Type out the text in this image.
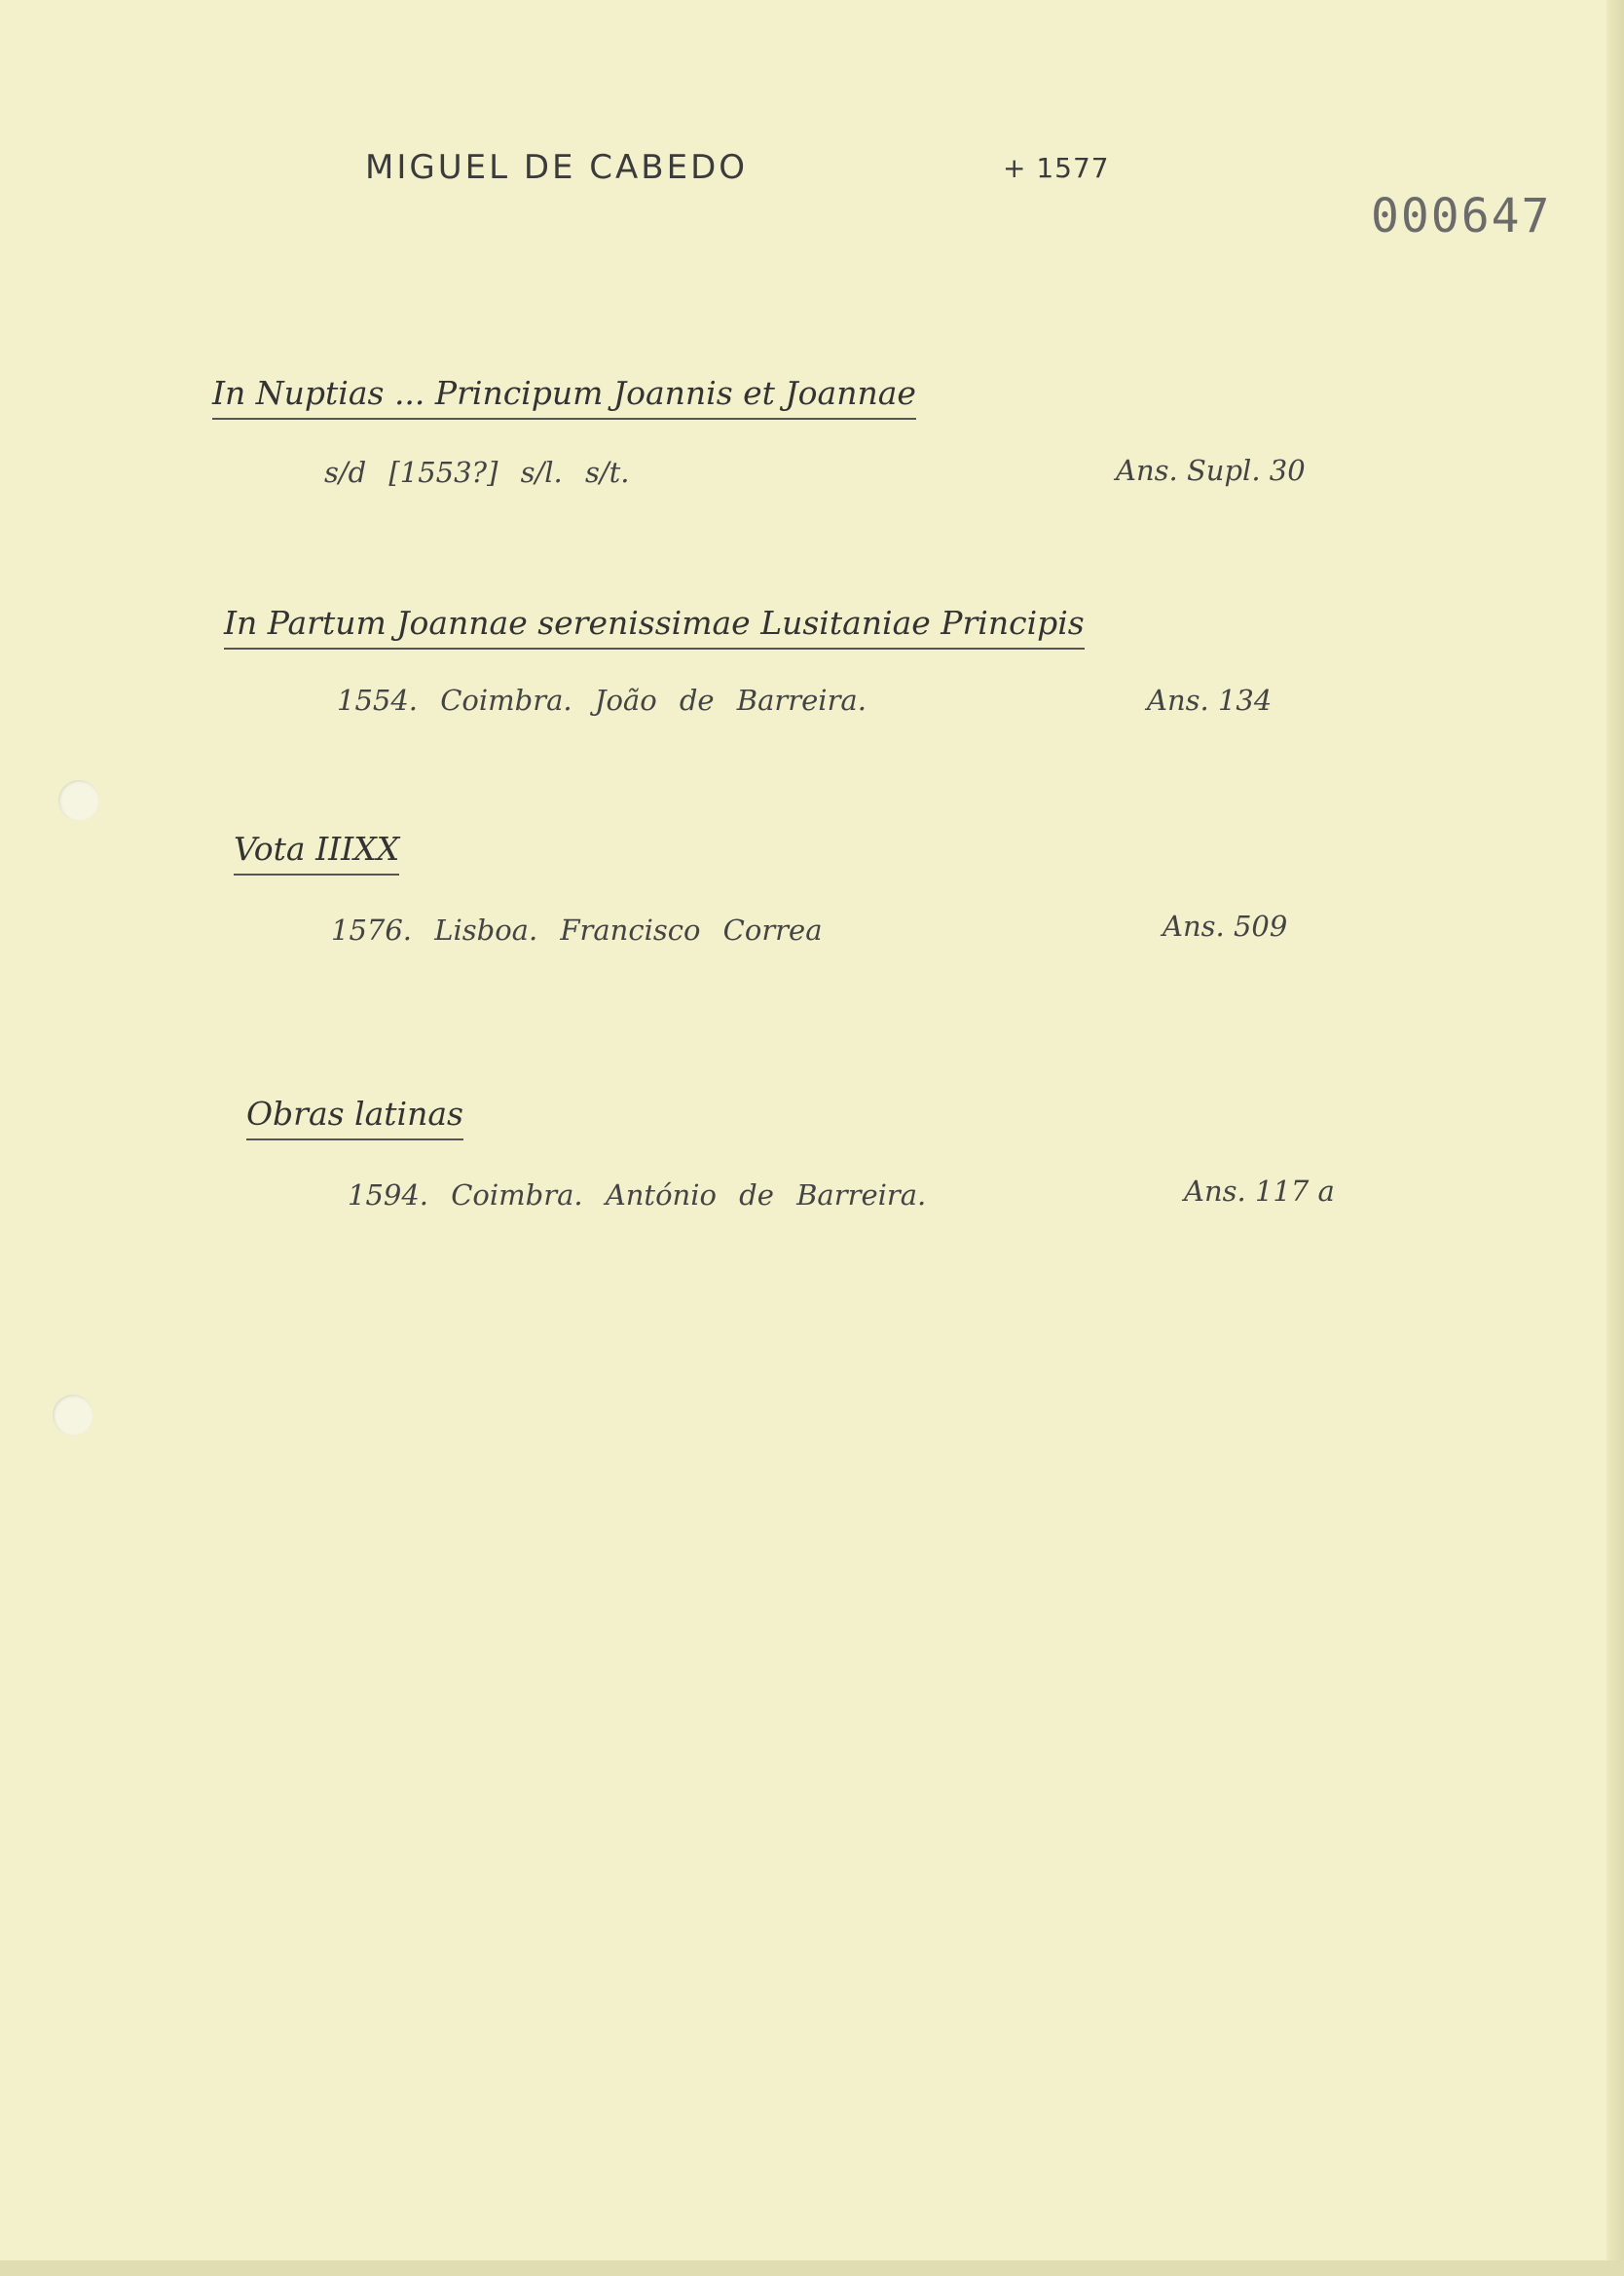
MIGUEL DE CABEDO	+ 1577
000647
In Nuptias ... Principum Joannis et Joannae
s/d [1553?] s/l. s/t.	Ans. Supl. 30
In Partum Joannae serenissimae Lusitaniae Principis
1554. Coimbra. João de Barreira.	Ans. 134
Vota IIIXX
1576. Lisboa. Francisco Correa	Ans. 509
Obras latinas
1594. Coimbra. António de Barreira.	Ans. 117 a
